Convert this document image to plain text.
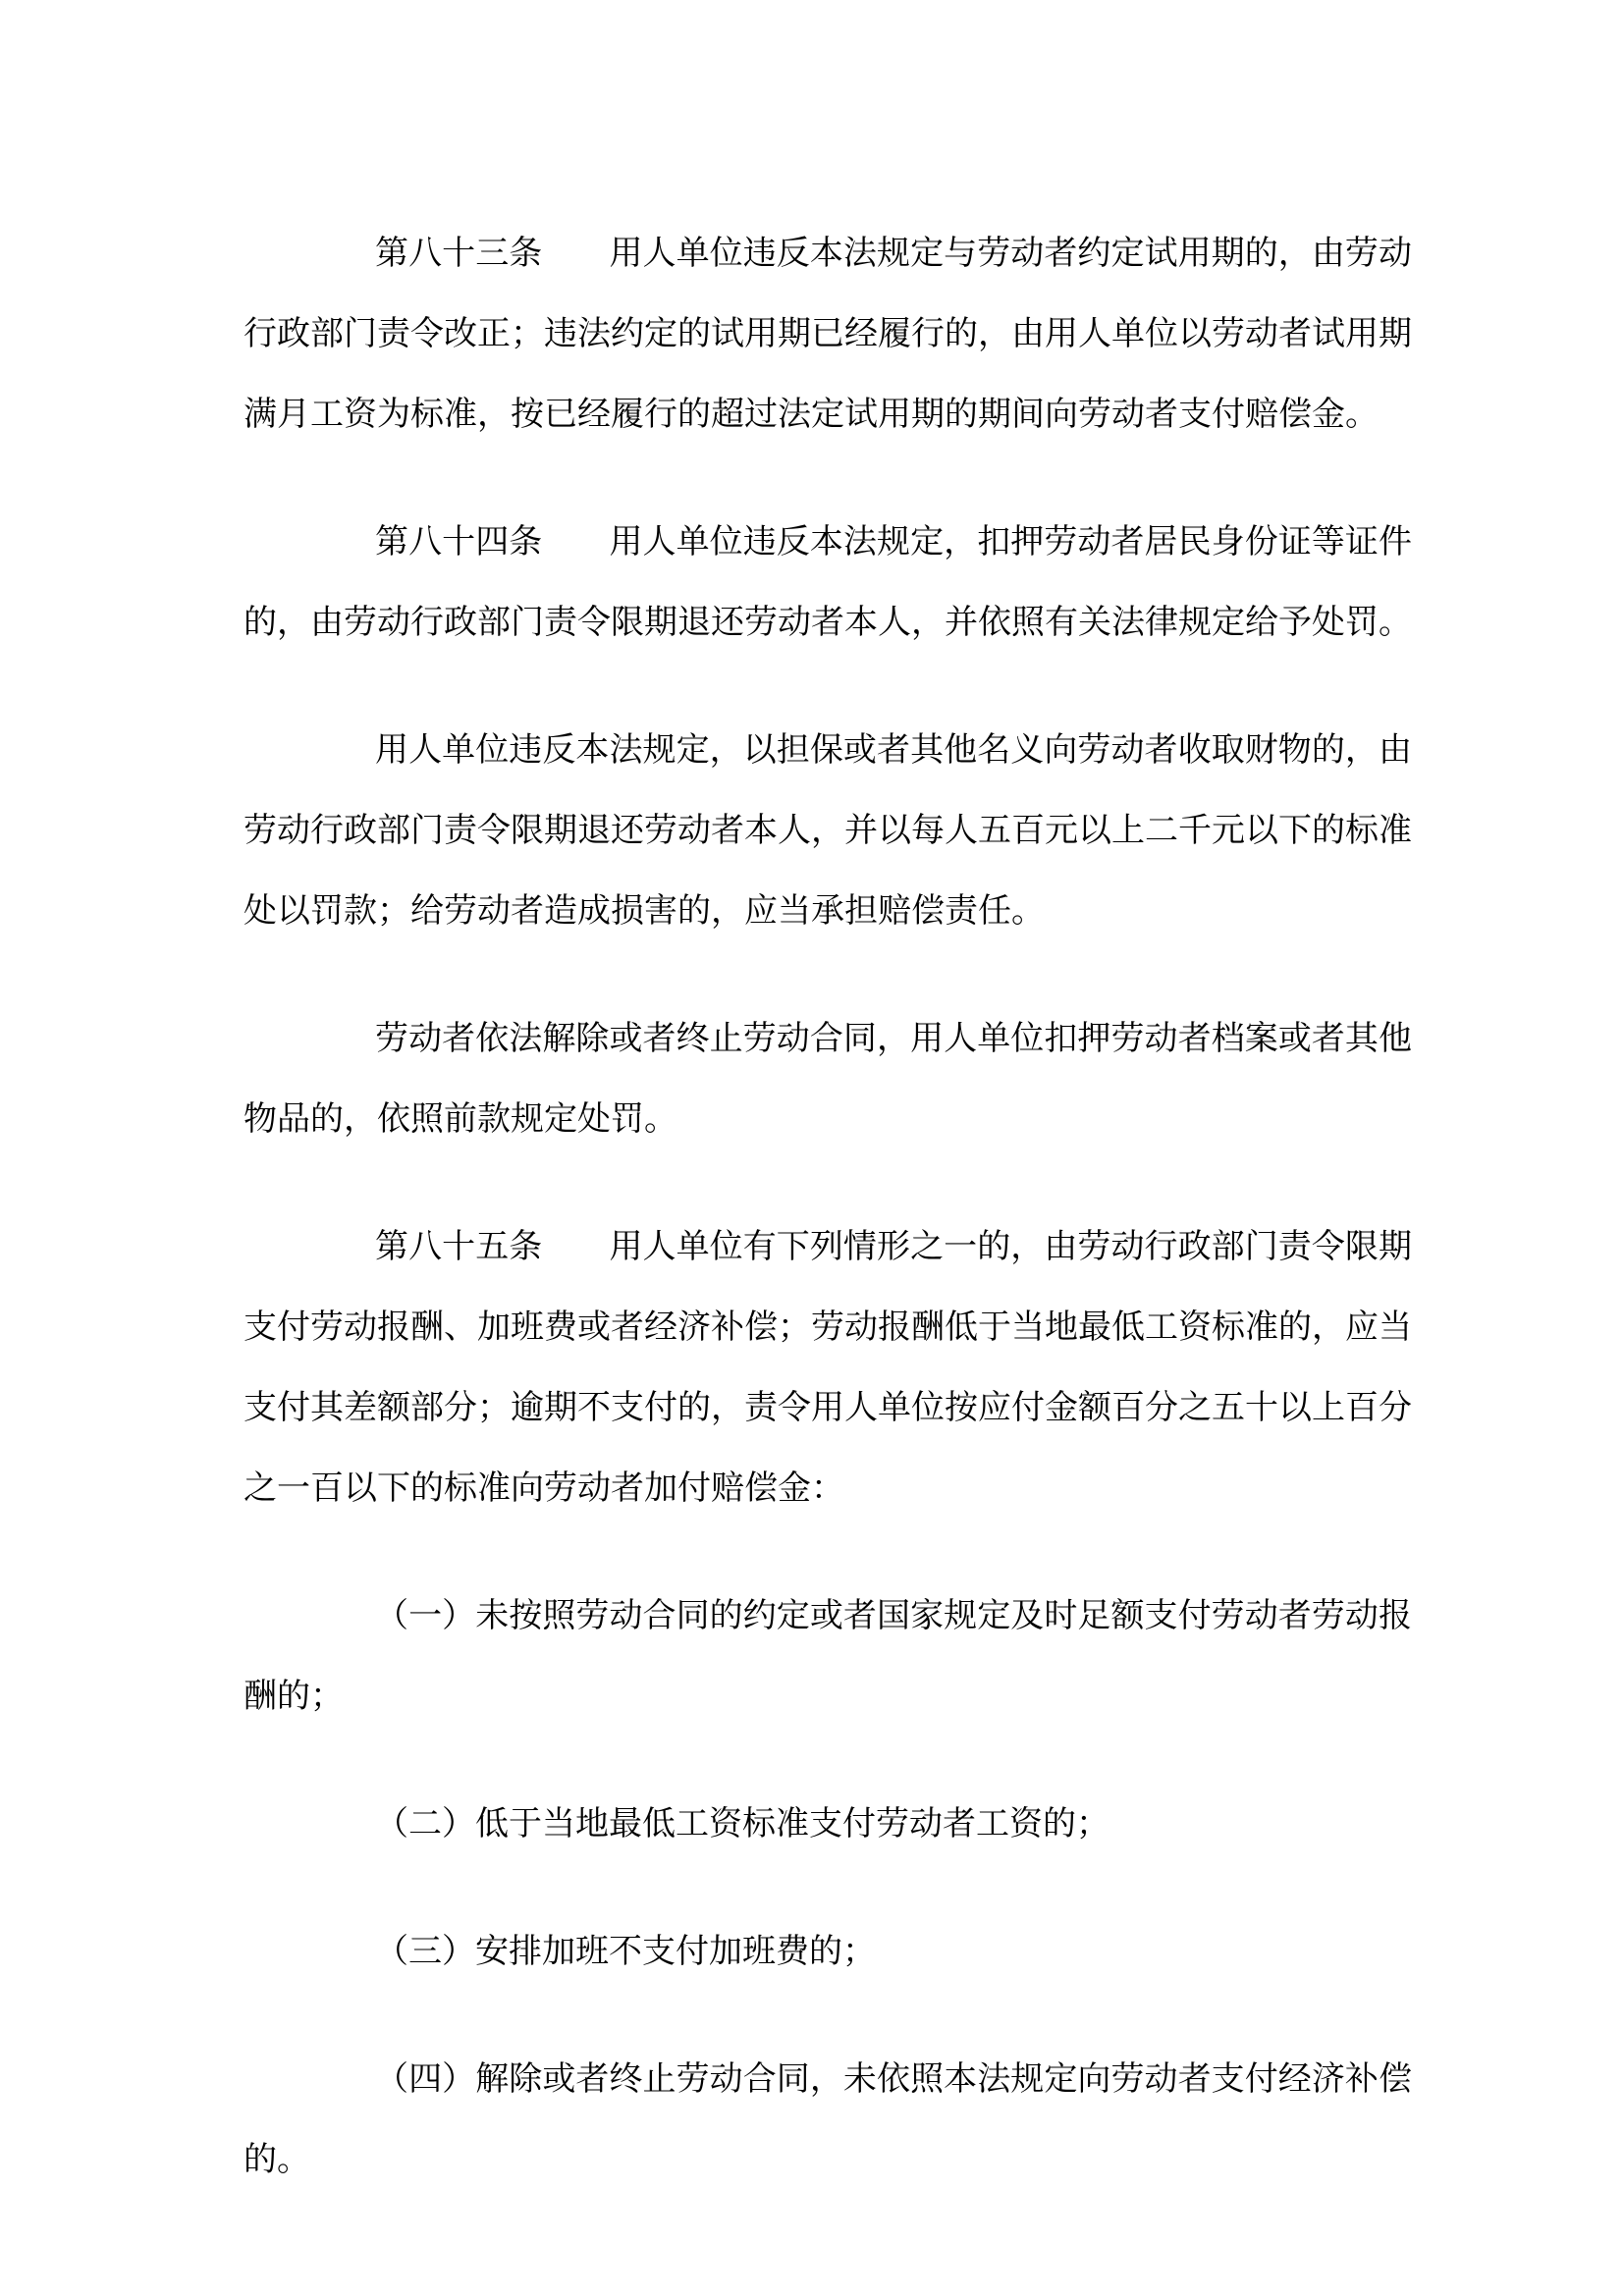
第八十三条　　用人单位违反本法规定与劳动者约定试用期的，由劳动
行政部门责令改正；违法约定的试用期已经履行的，由用人单位以劳动者试用期
满月工资为标准，按已经履行的超过法定试用期的期间向劳动者支付赔偿金。
第八十四条　　用人单位违反本法规定，扣押劳动者居民身份证等证件
的，由劳动行政部门责令限期退还劳动者本人，并依照有关法律规定给予处罚。
用人单位违反本法规定，以担保或者其他名义向劳动者收取财物的，由
劳动行政部门责令限期退还劳动者本人，并以每人五百元以上二千元以下的标准
处以罚款；给劳动者造成损害的，应当承担赔偿责任。
劳动者依法解除或者终止劳动合同，用人单位扣押劳动者档案或者其他
物品的，依照前款规定处罚。
第八十五条　　用人单位有下列情形之一的，由劳动行政部门责令限期
支付劳动报酬、加班费或者经济补偿；劳动报酬低于当地最低工资标准的，应当
支付其差额部分；逾期不支付的，责令用人单位按应付金额百分之五十以上百分
之一百以下的标准向劳动者加付赔偿金：
（一）未按照劳动合同的约定或者国家规定及时足额支付劳动者劳动报
酬的；
（二）低于当地最低工资标准支付劳动者工资的；
（三）安排加班不支付加班费的；
（四）解除或者终止劳动合同，未依照本法规定向劳动者支付经济补偿的。
